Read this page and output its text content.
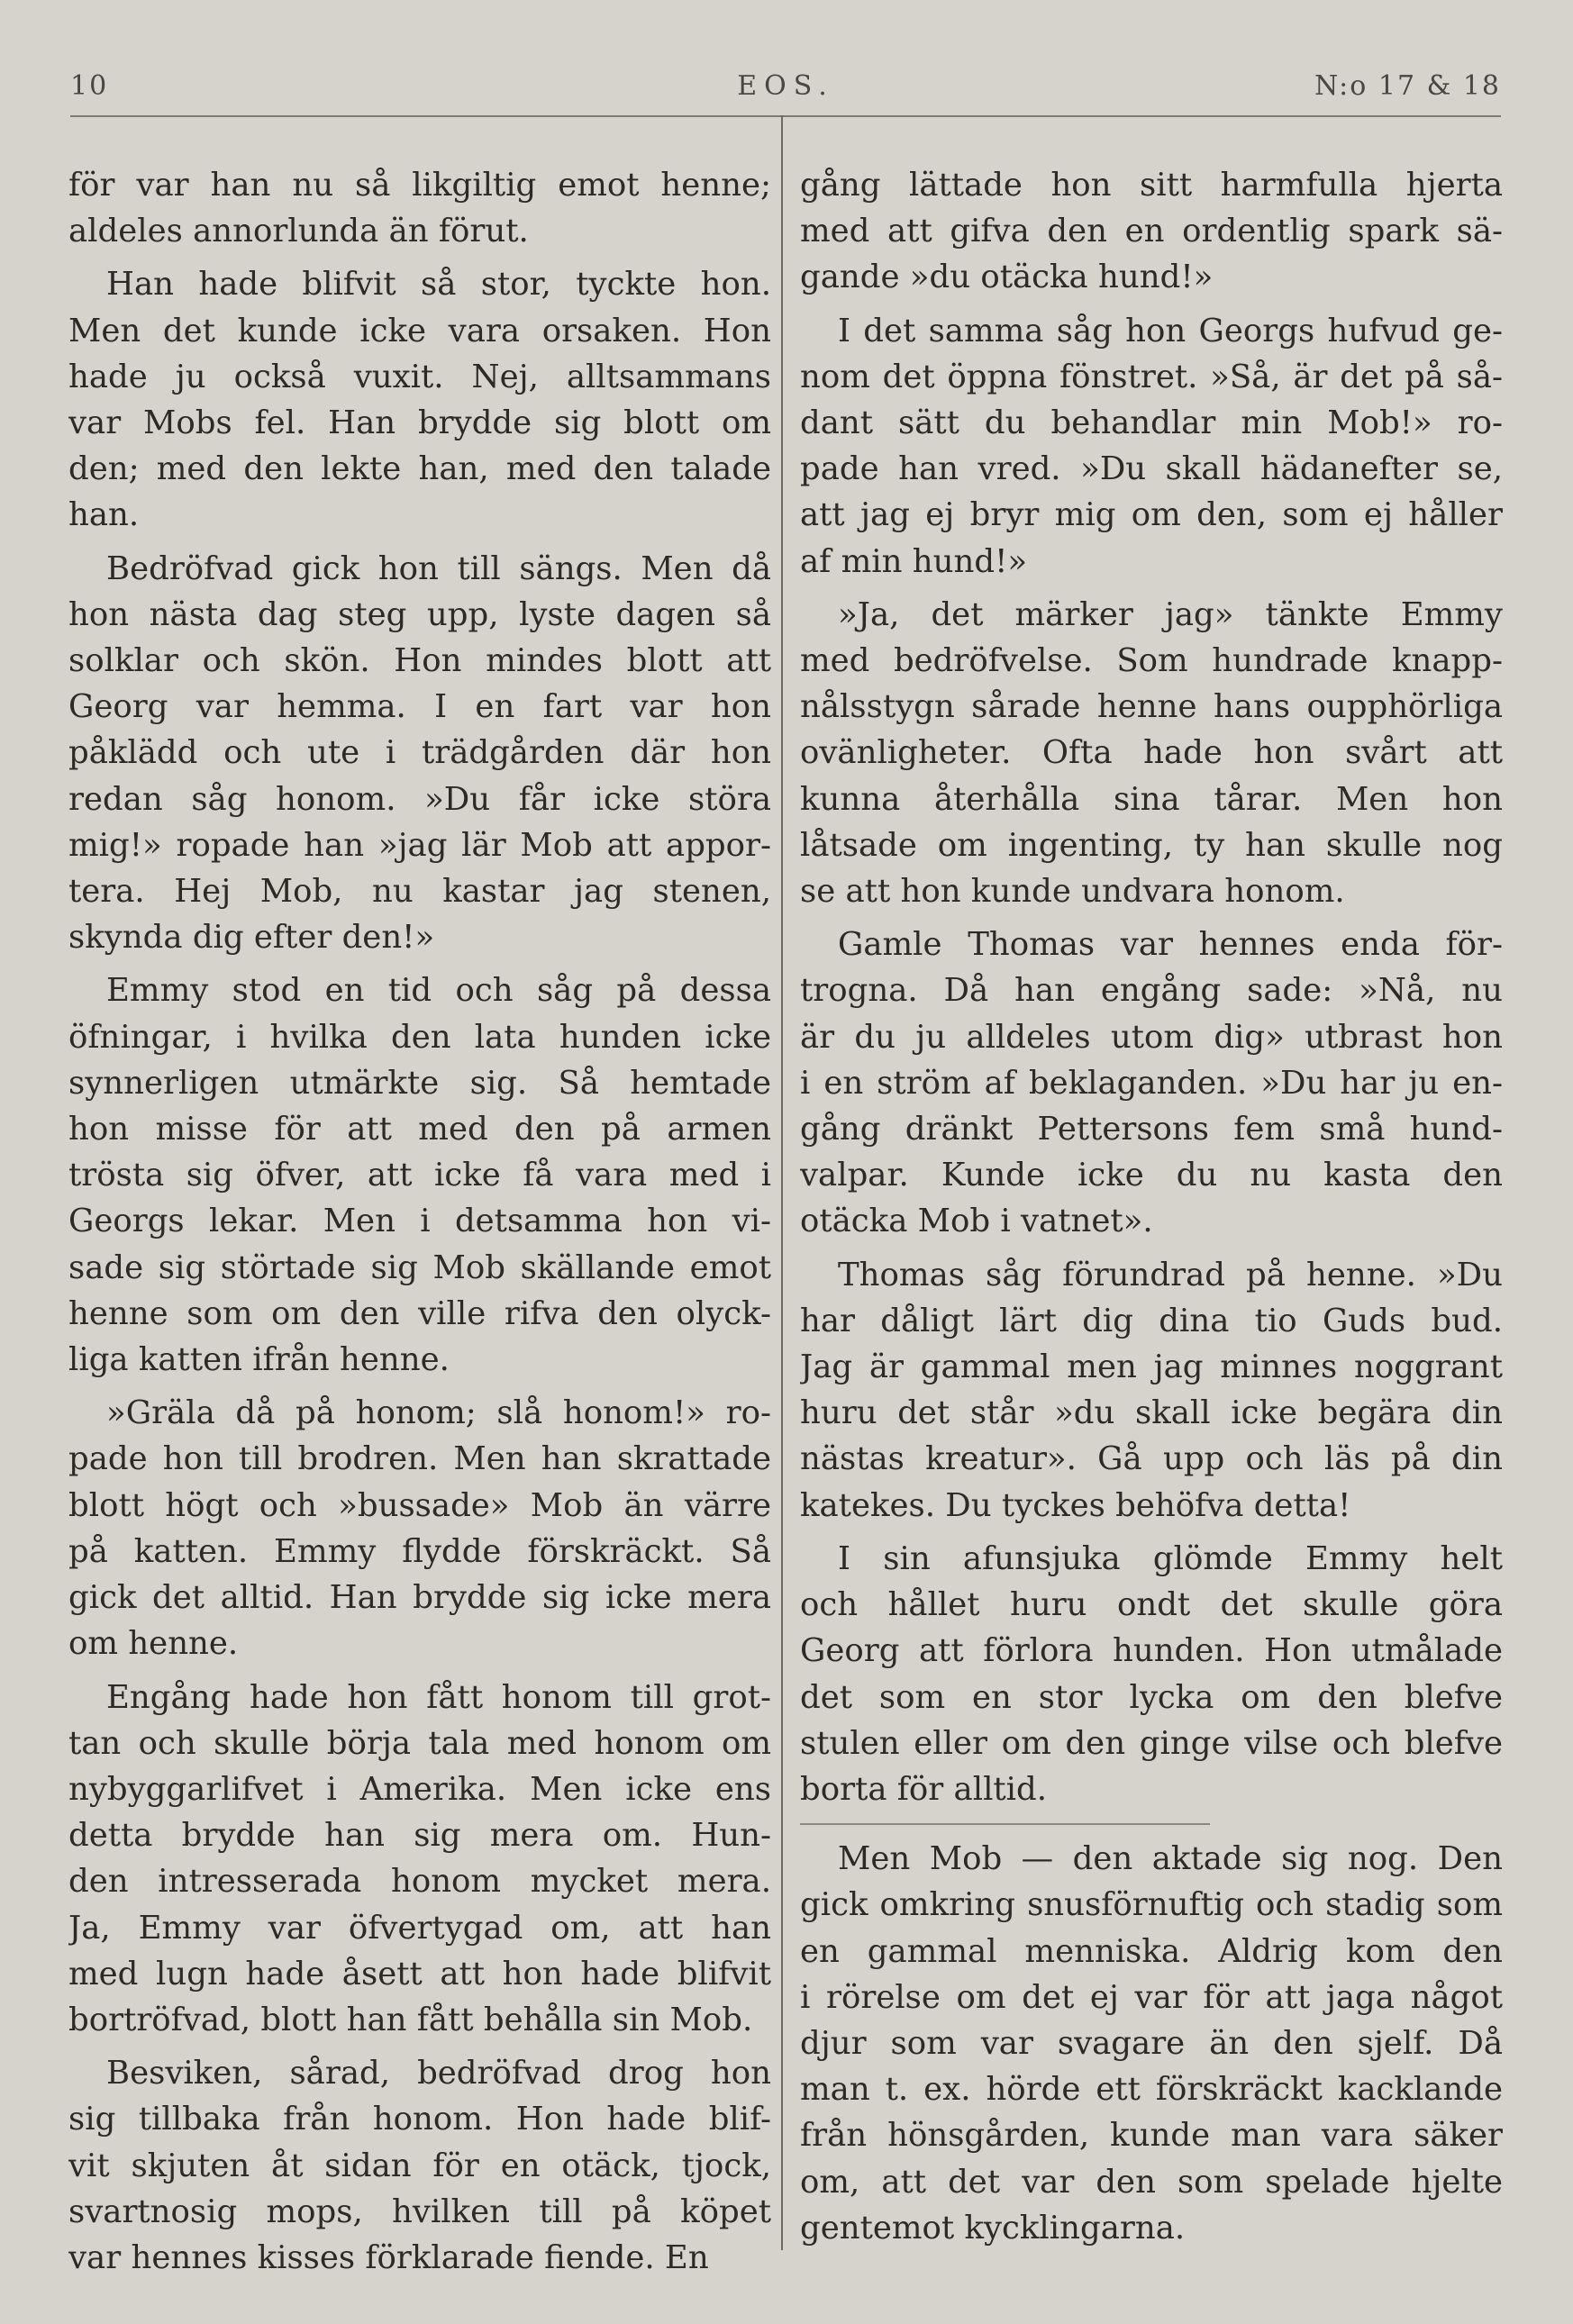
10	EOS.	N:o 17 & 18
för var han nu så likgiltig emot henne;
aldeles annorlunda än förut.
Han hade blifvit så stor, tyckte hon.
Men det kunde icke vara orsaken. Hon
hade ju också vuxit. Nej, alltsammans
var Mobs fel. Han brydde sig blott om
den; med den lekte han, med den talade
han.
Bedröfvad gick hon till sängs. Men då
hon nästa dag steg upp, lyste dagen så
solklar och skön. Hon mindes blott att
Georg var hemma. I en fart var hon
påklädd och ute i trädgården där hon
redan såg honom. »Du får icke störa
mig!» ropade han »jag lär Mob att appor-
tera. Hej Mob, nu kastar jag stenen,
skynda dig efter den!»
Emmy stod en tid och såg på dessa
öfningar, i hvilka den lata hunden icke
synnerligen utmärkte sig. Så hemtade
hon misse för att med den på armen
trösta sig öfver, att icke få vara med i
Georgs lekar. Men i detsamma hon vi-
sade sig störtade sig Mob skällande emot
henne som om den ville rifva den olyck-
liga katten ifrån henne.
»Gräla då på honom; slå honom!» ro-
pade hon till brodren. Men han skrattade
blott högt och »bussade» Mob än värre
på katten. Emmy flydde förskräckt. Så
gick det alltid. Han brydde sig icke mera
om henne.
Engång hade hon fått honom till grot-
tan och skulle börja tala med honom om
nybyggarlifvet i Amerika. Men icke ens
detta brydde han sig mera om. Hun-
den intresserada honom mycket mera.
Ja, Emmy var öfvertygad om, att han
med lugn hade åsett att hon hade blifvit
bortröfvad, blott han fått behålla sin Mob.
Besviken, sårad, bedröfvad drog hon
sig tillbaka från honom. Hon hade blif-
vit skjuten åt sidan för en otäck, tjock,
svartnosig mops, hvilken till på köpet
var hennes kisses förklarade fiende. En
gång lättade hon sitt harmfulla hjerta
med att gifva den en ordentlig spark sä-
gande »du otäcka hund!»
I det samma såg hon Georgs hufvud ge-
nom det öppna fönstret. »Så, är det på så-
dant sätt du behandlar min Mob!» ro-
pade han vred. »Du skall hädanefter se,
att jag ej bryr mig om den, som ej håller
af min hund!»
»Ja, det märker jag» tänkte Emmy
med bedröfvelse. Som hundrade knapp-
nålsstygn sårade henne hans oupphörliga
ovänligheter. Ofta hade hon svårt att
kunna återhålla sina tårar. Men hon
låtsade om ingenting, ty han skulle nog
se att hon kunde undvara honom.
Gamle Thomas var hennes enda för-
trogna. Då han engång sade: »Nå, nu
är du ju alldeles utom dig» utbrast hon
i en ström af beklaganden. »Du har ju en-
gång dränkt Pettersons fem små hund-
valpar. Kunde icke du nu kasta den
otäcka Mob i vatnet».
Thomas såg förundrad på henne. »Du
har dåligt lärt dig dina tio Guds bud.
Jag är gammal men jag minnes noggrant
huru det står »du skall icke begära din
nästas kreatur». Gå upp och läs på din
katekes. Du tyckes behöfva detta!
I sin afunsjuka glömde Emmy helt
och hållet huru ondt det skulle göra
Georg att förlora hunden. Hon utmålade
det som en stor lycka om den blefve
stulen eller om den ginge vilse och blefve
borta för alltid.
Men Mob — den aktade sig nog. Den
gick omkring snusförnuftig och stadig som
en gammal menniska. Aldrig kom den
i rörelse om det ej var för att jaga något
djur som var svagare än den sjelf. Då
man t. ex. hörde ett förskräckt kacklande
från hönsgården, kunde man vara säker
om, att det var den som spelade hjelte
gentemot kycklingarna.
